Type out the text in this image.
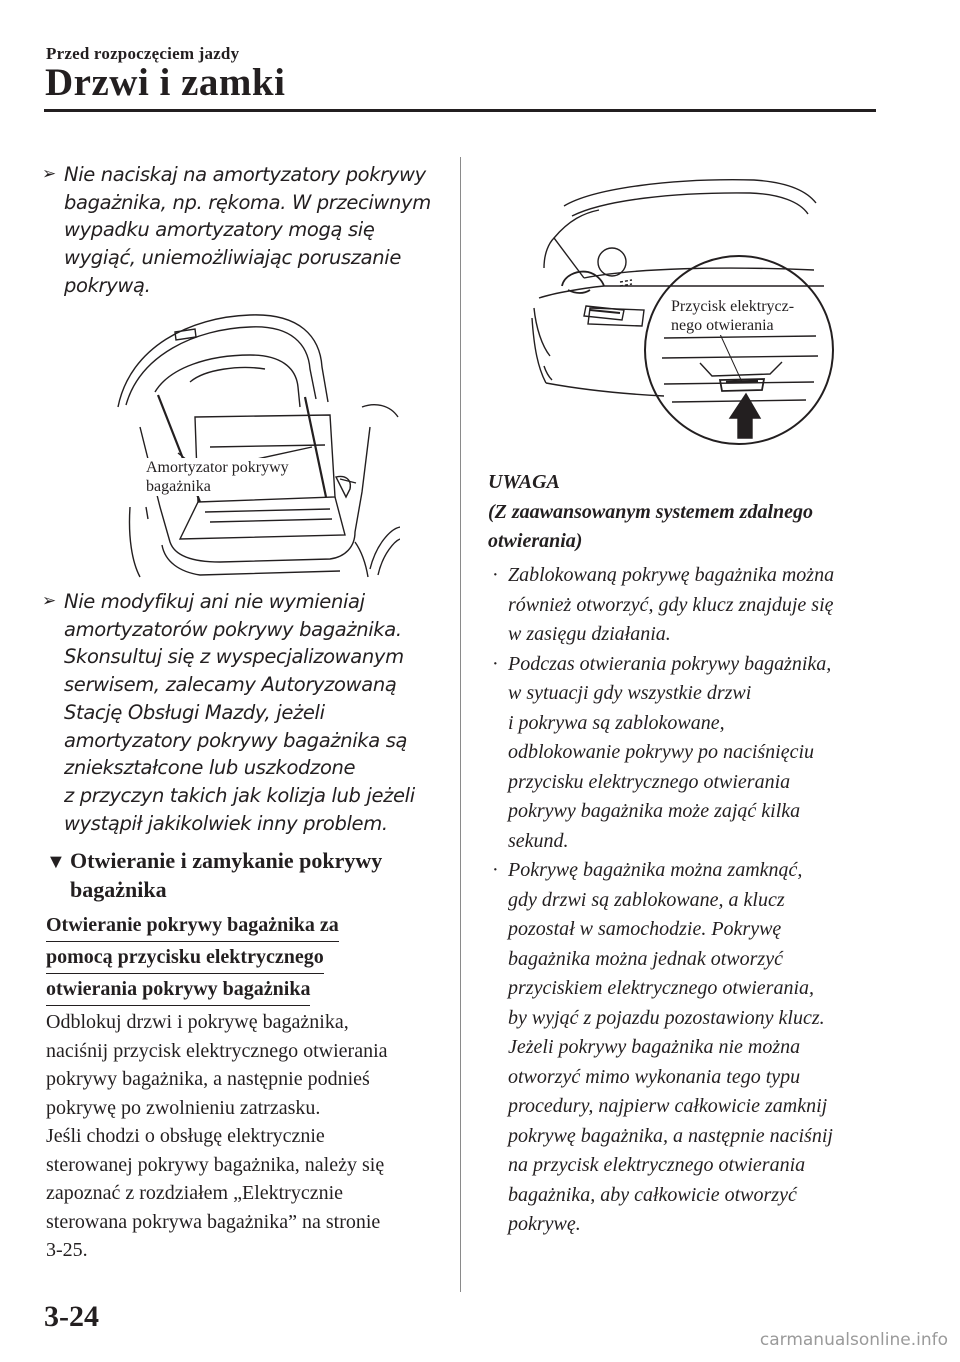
Przed rozpoczęciem jazdy
Drzwi i zamki
➢ Nie naciskaj na amortyzatory pokrywy
bagażnika, np. rękoma. W przeciwnym
wypadku amortyzatory mogą się
wygiąć, uniemożliwiając poruszanie
pokrywą.
Amortyzator pokrywy
bagażnika
➢ Nie modyfikuj ani nie wymieniaj
amortyzatorów pokrywy bagażnika.
Skonsultuj się z wyspecjalizowanym
serwisem, zalecamy Autoryzowaną
Stację Obsługi Mazdy, jeżeli
amortyzatory pokrywy bagażnika są
zniekształcone lub uszkodzone
z przyczyn takich jak kolizja lub jeżeli
wystąpił jakikolwiek inny problem.
▼ Otwieranie i zamykanie pokrywy
bagażnika
Otwieranie pokrywy bagażnika za
pomocą przycisku elektrycznego
otwierania pokrywy bagażnika
Odblokuj drzwi i pokrywę bagażnika,
naciśnij przycisk elektrycznego otwierania
pokrywy bagażnika, a następnie podnieś
pokrywę po zwolnieniu zatrzasku.
Jeśli chodzi o obsługę elektrycznie
sterowanej pokrywy bagażnika, należy się
zapoznać z rozdziałem „Elektrycznie
sterowana pokrywa bagażnika” na stronie
3-25.
Przycisk elektrycz-
nego otwierania
UWAGA
(Z zaawansowanym systemem zdalnego
otwierania)
· Zablokowaną pokrywę bagażnika można
również otworzyć, gdy klucz znajduje się
w zasięgu działania.
· Podczas otwierania pokrywy bagażnika,
w sytuacji gdy wszystkie drzwi
i pokrywa są zablokowane,
odblokowanie pokrywy po naciśnięciu
przycisku elektrycznego otwierania
pokrywy bagażnika może zająć kilka
sekund.
· Pokrywę bagażnika można zamknąć,
gdy drzwi są zablokowane, a klucz
pozostał w samochodzie. Pokrywę
bagażnika można jednak otworzyć
przyciskiem elektrycznego otwierania,
by wyjąć z pojazdu pozostawiony klucz.
Jeżeli pokrywy bagażnika nie można
otworzyć mimo wykonania tego typu
procedury, najpierw całkowicie zamknij
pokrywę bagażnika, a następnie naciśnij
na przycisk elektrycznego otwierania
bagażnika, aby całkowicie otworzyć
pokrywę.
3-24
carmanualsonline.info
